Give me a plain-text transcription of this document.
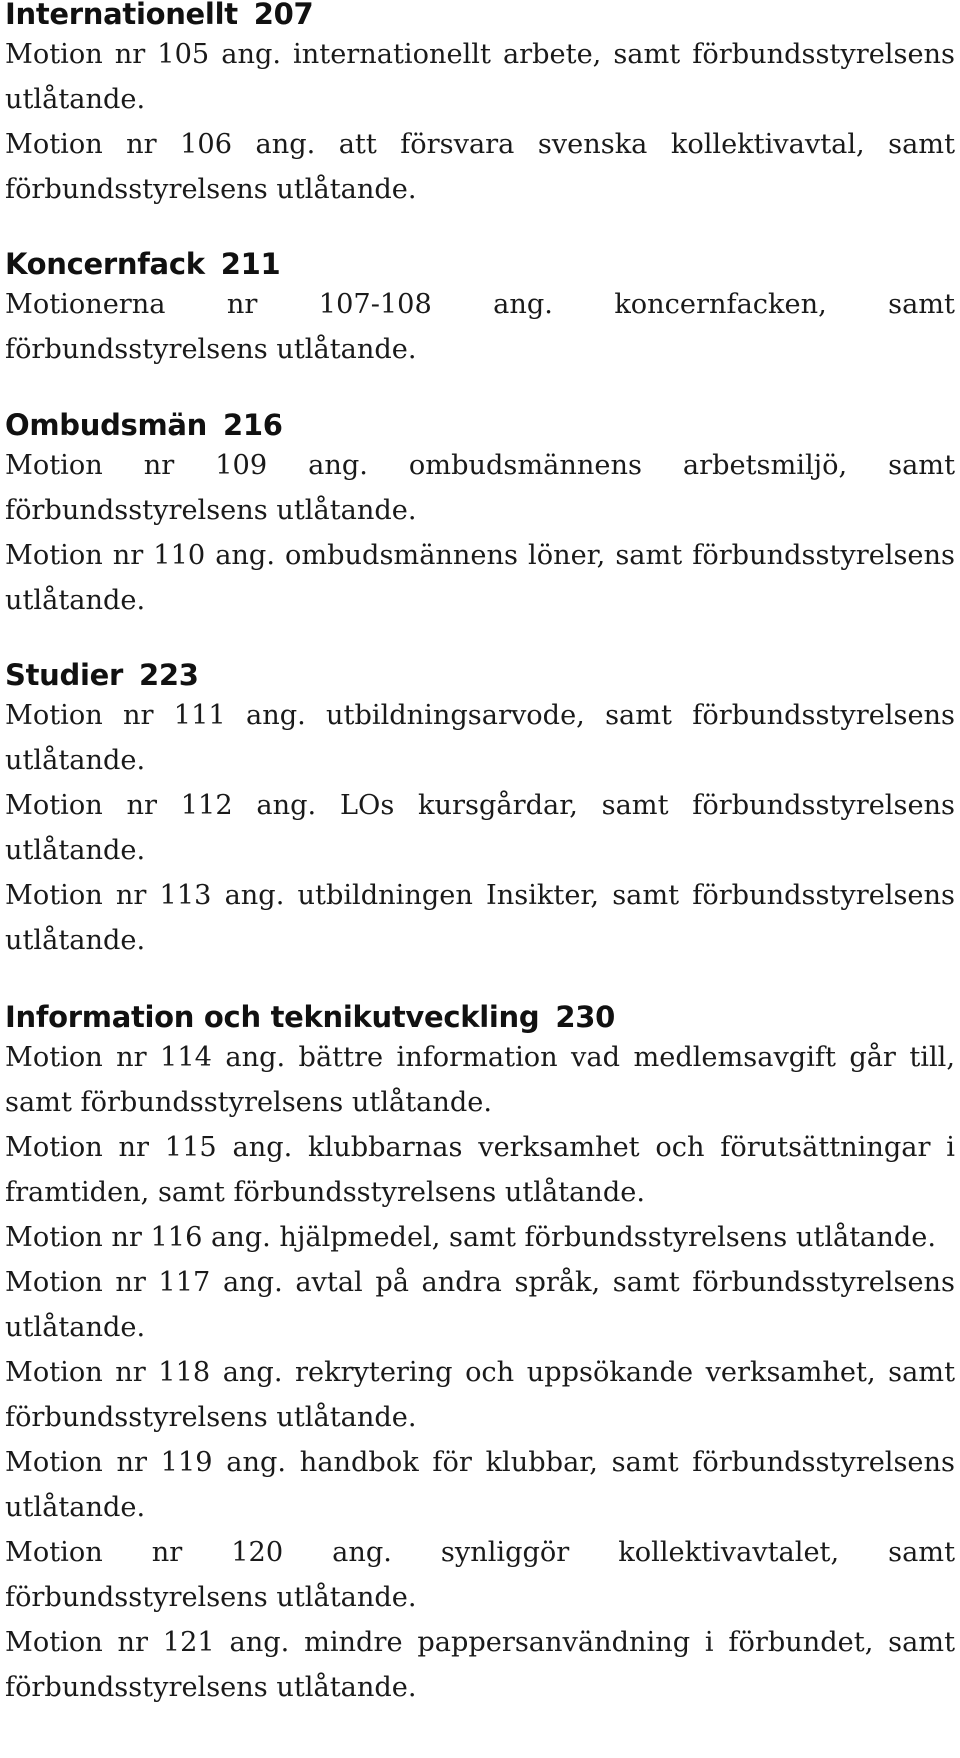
Internationellt 207

Motion nr 105 ang. internationellt arbete, samt förbundsstyrelsens utlåtande.

Motion nr 106 ang. att försvara svenska kollektivavtal, samt förbundsstyrelsens utlåtande.

Koncernfack 211

Motionerna nr 107-108 ang. koncernfacken, samt förbundsstyrelsens utlåtande.

Ombudsmän 216

Motion nr 109 ang. ombudsmännens arbetsmiljö, samt förbundsstyrelsens utlåtande.

Motion nr 110 ang. ombudsmännens löner, samt förbundsstyrelsens utlåtande.

Studier 223

Motion nr 111 ang. utbildningsarvode, samt förbundsstyrelsens utlåtande.

Motion nr 112 ang. LOs kursgårdar, samt förbundsstyrelsens utlåtande.

Motion nr 113 ang. utbildningen Insikter, samt förbundsstyrelsens utlåtande.

Information och teknikutveckling 230

Motion nr 114 ang. bättre information vad medlemsavgift går till, samt förbundsstyrelsens utlåtande.

Motion nr 115 ang. klubbarnas verksamhet och förutsättningar i framtiden, samt förbundsstyrelsens utlåtande.

Motion nr 116 ang. hjälpmedel, samt förbundsstyrelsens utlåtande.

Motion nr 117 ang. avtal på andra språk, samt förbundsstyrelsens utlåtande.

Motion nr 118 ang. rekrytering och uppsökande verksamhet, samt förbundsstyrelsens utlåtande.

Motion nr 119 ang. handbok för klubbar, samt förbundsstyrelsens utlåtande.

Motion nr 120 ang. synliggör kollektivavtalet, samt förbundsstyrelsens utlåtande.

Motion nr 121 ang. mindre pappersanvändning i förbundet, samt förbundsstyrelsens utlåtande.
